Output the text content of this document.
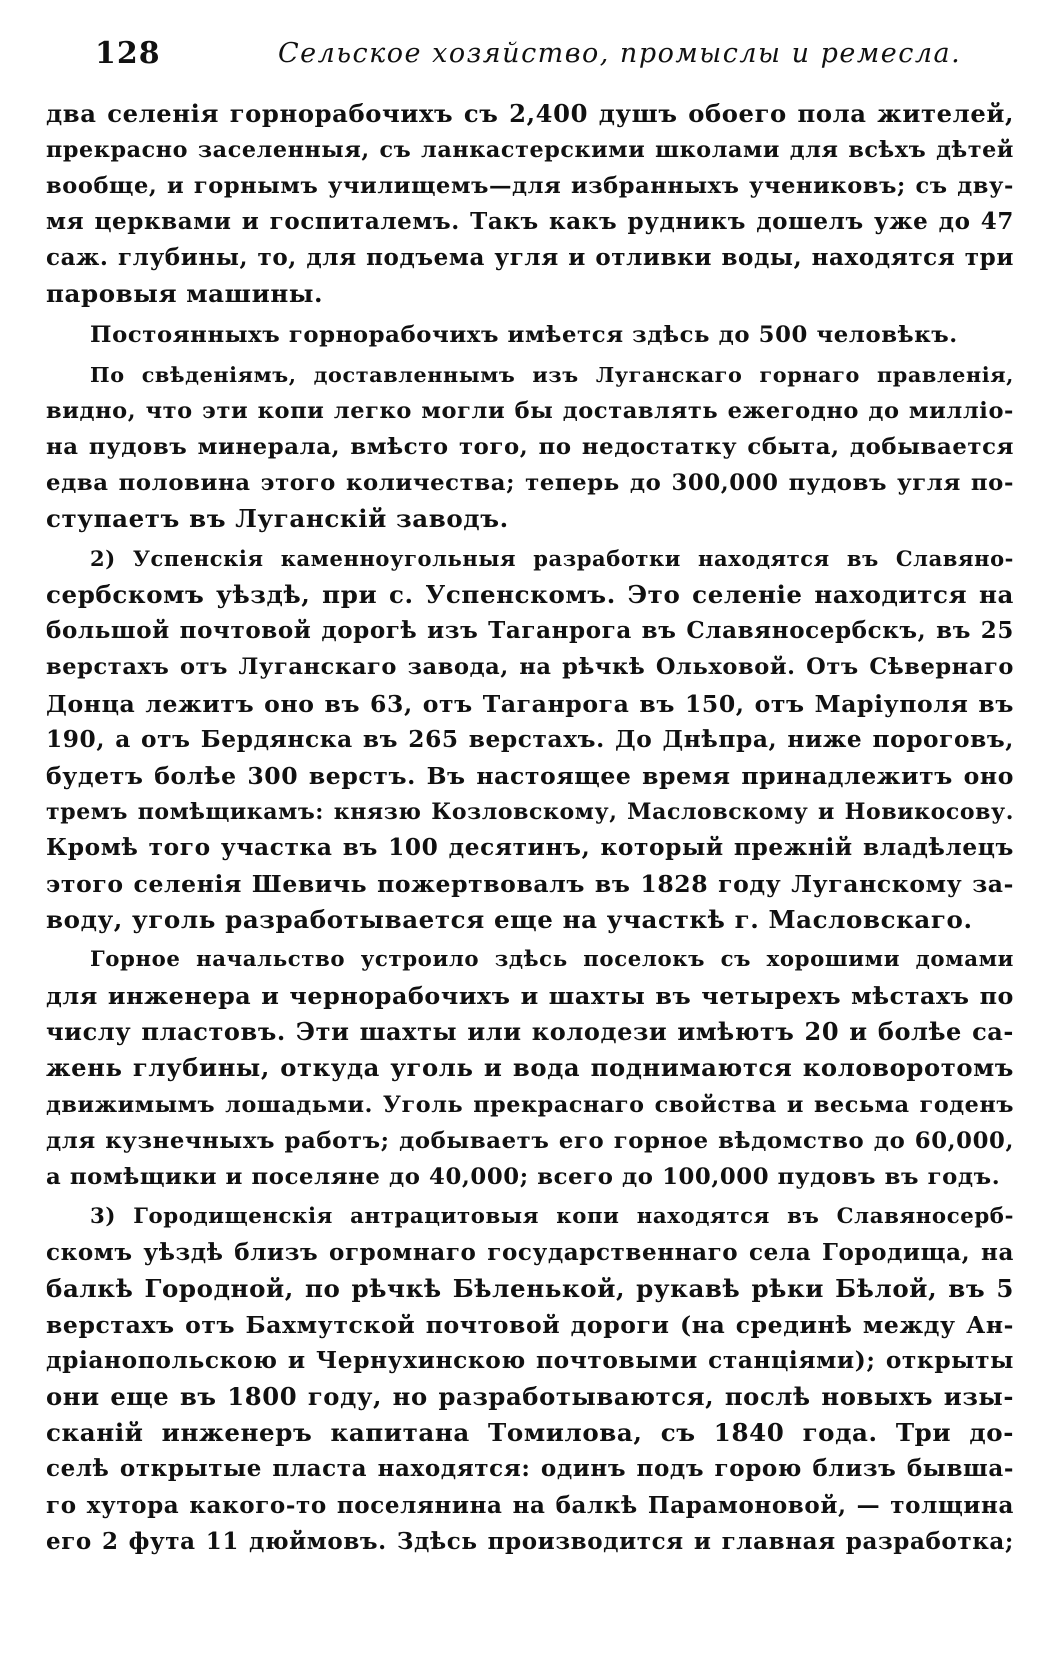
128	Сельское хозяйство, промыслы и ремесла.
два селенія горнорабочихъ съ 2,400 душъ обоего пола жителей,
прекрасно заселенныя, съ ланкастерскими школами для всѣхъ дѣтей
вообще, и горнымъ училищемъ—для избранныхъ учениковъ; съ дву-
мя церквами и госпиталемъ. Такъ какъ рудникъ дошелъ уже до 47
саж. глубины, то, для подъема угля и отливки воды, находятся три
паровыя машины.
Постоянныхъ горнорабочихъ имѣется здѣсь до 500 человѣкъ.
По свѣденіямъ, доставленнымъ изъ Луганскаго горнаго правленія,
видно, что эти копи легко могли бы доставлять ежегодно до милліо-
на пудовъ минерала, вмѣсто того, по недостатку сбыта, добывается
едва половина этого количества; теперь до 300,000 пудовъ угля по-
ступаетъ въ Луганскій заводъ.
2) Успенскія каменноугольныя разработки находятся въ Славяно-
сербскомъ уѣздѣ, при с. Успенскомъ. Это селеніе находится на
большой почтовой дорогѣ изъ Таганрога въ Славяносербскъ, въ 25
верстахъ отъ Луганскаго завода, на рѣчкѣ Ольховой. Отъ Сѣвернаго
Донца лежитъ оно въ 63, отъ Таганрога въ 150, отъ Маріуполя въ
190, а отъ Бердянска въ 265 верстахъ. До Днѣпра, ниже пороговъ,
будетъ болѣе 300 верстъ. Въ настоящее время принадлежитъ оно
тремъ помѣщикамъ: князю Козловскому, Масловскому и Новикосову.
Кромѣ того участка въ 100 десятинъ, который прежній владѣлецъ
этого селенія Шевичь пожертвовалъ въ 1828 году Луганскому за-
воду, уголь разработывается еще на участкѣ г. Масловскаго.
Горное начальство устроило здѣсь поселокъ съ хорошими домами
для инженера и чернорабочихъ и шахты въ четырехъ мѣстахъ по
числу пластовъ. Эти шахты или колодези имѣютъ 20 и болѣе са-
жень глубины, откуда уголь и вода поднимаются коловоротомъ
движимымъ лошадьми. Уголь прекраснаго свойства и весьма годенъ
для кузнечныхъ работъ; добываетъ его горное вѣдомство до 60,000,
а помѣщики и поселяне до 40,000; всего до 100,000 пудовъ въ годъ.
3) Городищенскія антрацитовыя копи находятся въ Славяносерб-
скомъ уѣздѣ близъ огромнаго государственнаго села Городища, на
балкѣ Городной, по рѣчкѣ Бѣленькой, рукавѣ рѣки Бѣлой, въ 5
верстахъ отъ Бахмутской почтовой дороги (на срединѣ между Ан-
дріанопольскою и Чернухинскою почтовыми станціями); открыты
они еще въ 1800 году, но разработываются, послѣ новыхъ изы-
сканій инженеръ капитана Томилова, съ 1840 года. Три до-
селѣ открытые пласта находятся: одинъ подъ горою близъ бывша-
го хутора какого-то поселянина на балкѣ Парамоновой, — толщина
его 2 фута 11 дюймовъ. Здѣсь производится и главная разработка;
